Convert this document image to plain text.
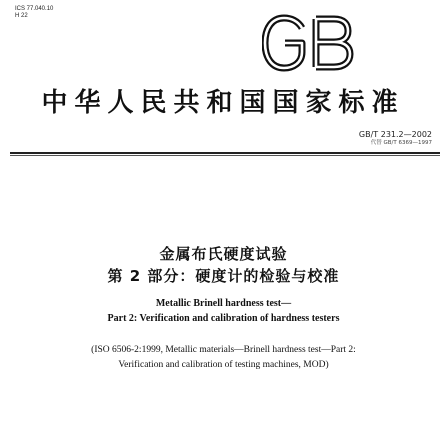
ICS 77.040.10
H 22
中华人民共和国国家标准
GB/T 231.2—2002
代替 GB/T 6369—1997
金属布氏硬度试验
第 2 部分：硬度计的检验与校准
Metallic Brinell hardness test—
Part 2: Verification and calibration of hardness testers
(ISO 6506-2:1999, Metallic materials—Brinell hardness test—Part 2:
Verification and calibration of testing machines, MOD)
